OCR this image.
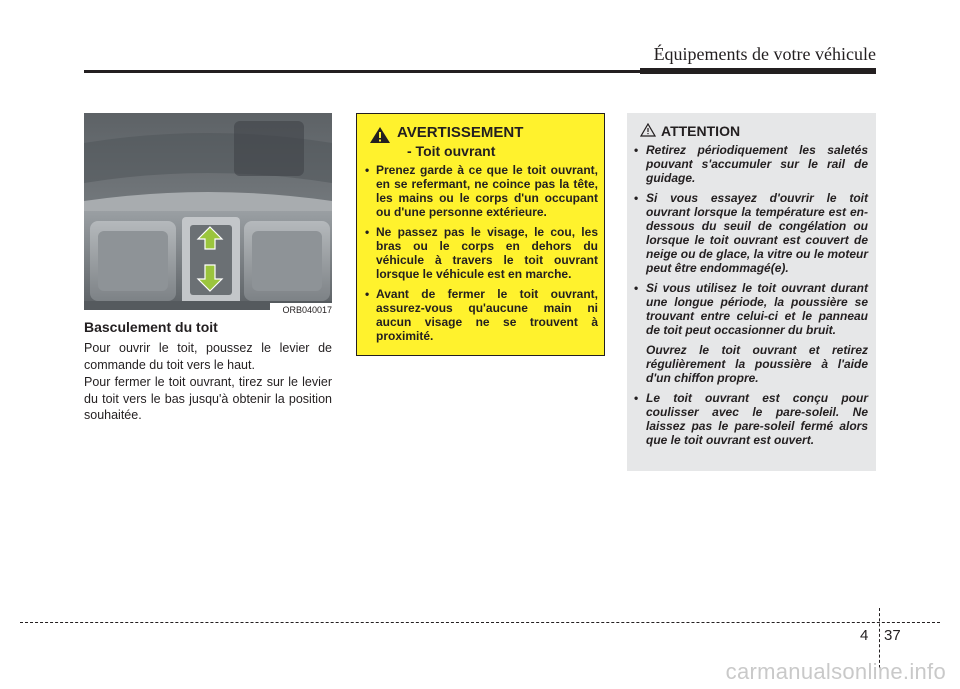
Équipements de votre véhicule
ORB040017
Basculement du toit

Pour ouvrir le toit, poussez le levier de commande du toit vers le haut.

Pour fermer le toit ouvrant, tirez sur le levier du toit vers le bas jusqu'à obtenir la position souhaitée.

AVERTISSEMENT
- Toit ouvrant
• Prenez garde à ce que le toit ouvrant, en se refermant, ne coince pas la tête, les mains ou le corps d'un occupant ou d'une personne extérieure.
• Ne passez pas le visage, le cou, les bras ou le corps en dehors du véhicule à travers le toit ouvrant lorsque le véhicule est en marche.
• Avant de fermer le toit ouvrant, assurez-vous qu'aucune main ni aucun visage ne se trouvent à proximité.
ATTENTION
• Retirez périodiquement les saletés pouvant s'accumuler sur le rail de guidage.
• Si vous essayez d'ouvrir le toit ouvrant lorsque la température est en-dessous du seuil de congélation ou lorsque le toit ouvrant est couvert de neige ou de glace, la vitre ou le moteur peut être endommagé(e).
• Si vous utilisez le toit ouvrant durant une longue période, la poussière se trouvant entre celui-ci et le panneau de toit peut occasionner du bruit.
Ouvrez le toit ouvrant et retirez régulièrement la poussière à l'aide d'un chiffon propre.
• Le toit ouvrant est conçu pour coulisser avec le pare-soleil. Ne laissez pas le pare-soleil fermé alors que le toit ouvrant est ouvert.
4 37
carmanualsonline.info
